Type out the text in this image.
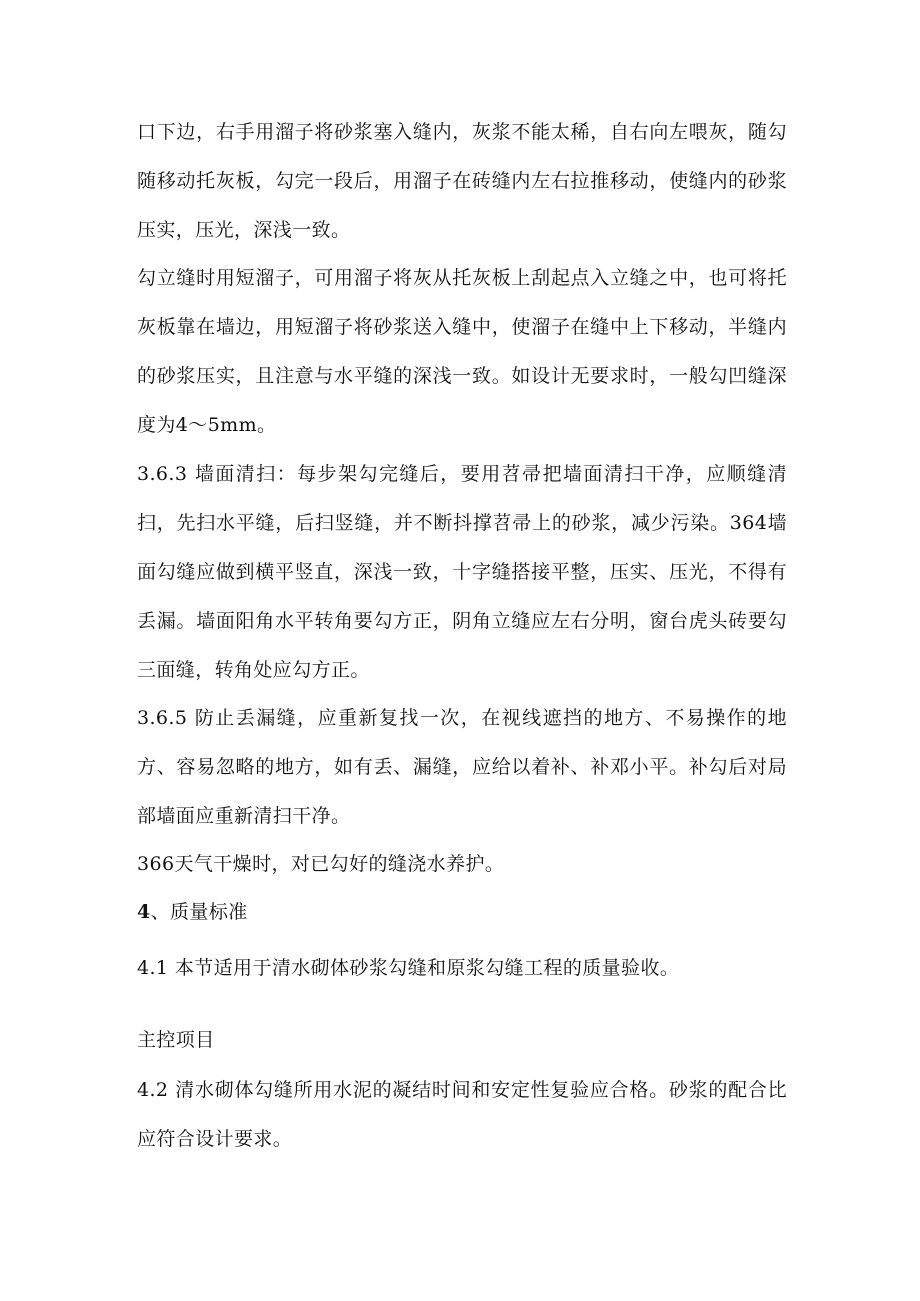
口下边，右手用溜子将砂浆塞入缝内，灰浆不能太稀，自右向左喂灰，随勾随移动托灰板，勾完一段后，用溜子在砖缝内左右拉推移动，使缝内的砂浆压实，压光，深浅一致。

勾立缝时用短溜子，可用溜子将灰从托灰板上刮起点入立缝之中，也可将托灰板靠在墙边，用短溜子将砂浆送入缝中，使溜子在缝中上下移动，半缝内的砂浆压实，且注意与水平缝的深浅一致。如设计无要求时，一般勾凹缝深度为4～5mm。

3.6.3 墙面清扫：每步架勾完缝后，要用苕帚把墙面清扫干净，应顺缝清扫，先扫水平缝，后扫竖缝，并不断抖撑苕帚上的砂浆，减少污染。364墙面勾缝应做到横平竖直，深浅一致，十字缝搭接平整，压实、压光，不得有丢漏。墙面阳角水平转角要勾方正，阴角立缝应左右分明，窗台虎头砖要勾三面缝，转角处应勾方正。

3.6.5 防止丢漏缝，应重新复找一次，在视线遮挡的地方、不易操作的地方、容易忽略的地方，如有丢、漏缝，应给以着补、补邓小平。补勾后对局部墙面应重新清扫干净。

366天气干燥时，对已勾好的缝浇水养护。

4、质量标准

4.1 本节适用于清水砌体砂浆勾缝和原浆勾缝工程的质量验收。

主控项目

4.2 清水砌体勾缝所用水泥的凝结时间和安定性复验应合格。砂浆的配合比应符合设计要求。
